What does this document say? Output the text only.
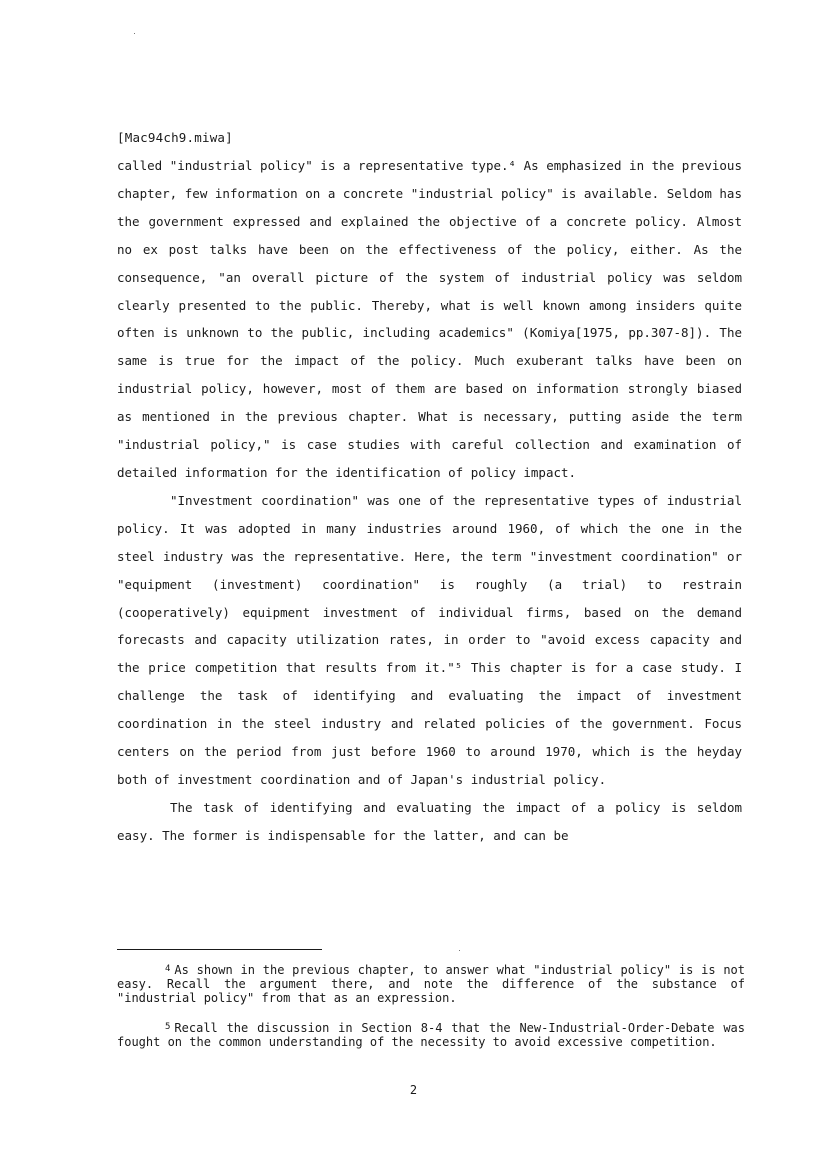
[Mac94ch9.miwa]

called "industrial policy" is a representative type.⁴ As emphasized in the previous chapter, few information on a concrete "industrial policy" is available. Seldom has the government expressed and explained the objective of a concrete policy. Almost no ex post talks have been on the effectiveness of the policy, either. As the consequence, "an overall picture of the system of industrial policy was seldom clearly presented to the public. Thereby, what is well known among insiders quite often is unknown to the public, including academics" (Komiya[1975, pp.307-8]). The same is true for the impact of the policy. Much exuberant talks have been on industrial policy, however, most of them are based on information strongly biased as mentioned in the previous chapter. What is necessary, putting aside the term "industrial policy," is case studies with careful collection and examination of detailed information for the identification of policy impact.

"Investment coordination" was one of the representative types of industrial policy. It was adopted in many industries around 1960, of which the one in the steel industry was the representative. Here, the term "investment coordination" or "equipment (investment) coordination" is roughly (a trial) to restrain (cooperatively) equipment investment of individual firms, based on the demand forecasts and capacity utilization rates, in order to "avoid excess capacity and the price competition that results from it."⁵ This chapter is for a case study. I challenge the task of identifying and evaluating the impact of investment coordination in the steel industry and related policies of the government. Focus centers on the period from just before 1960 to around 1970, which is the heyday both of investment coordination and of Japan's industrial policy.

The task of identifying and evaluating the impact of a policy is seldom easy. The former is indispensable for the latter, and can be

$^4$ As shown in the previous chapter, to answer what "industrial policy" is is not easy. Recall the argument there, and note the difference of the substance of "industrial policy" from that as an expression.

$^5$ Recall the discussion in Section 8-4 that the New-Industrial-Order-Debate was fought on the common understanding of the necessity to avoid excessive competition.

2
